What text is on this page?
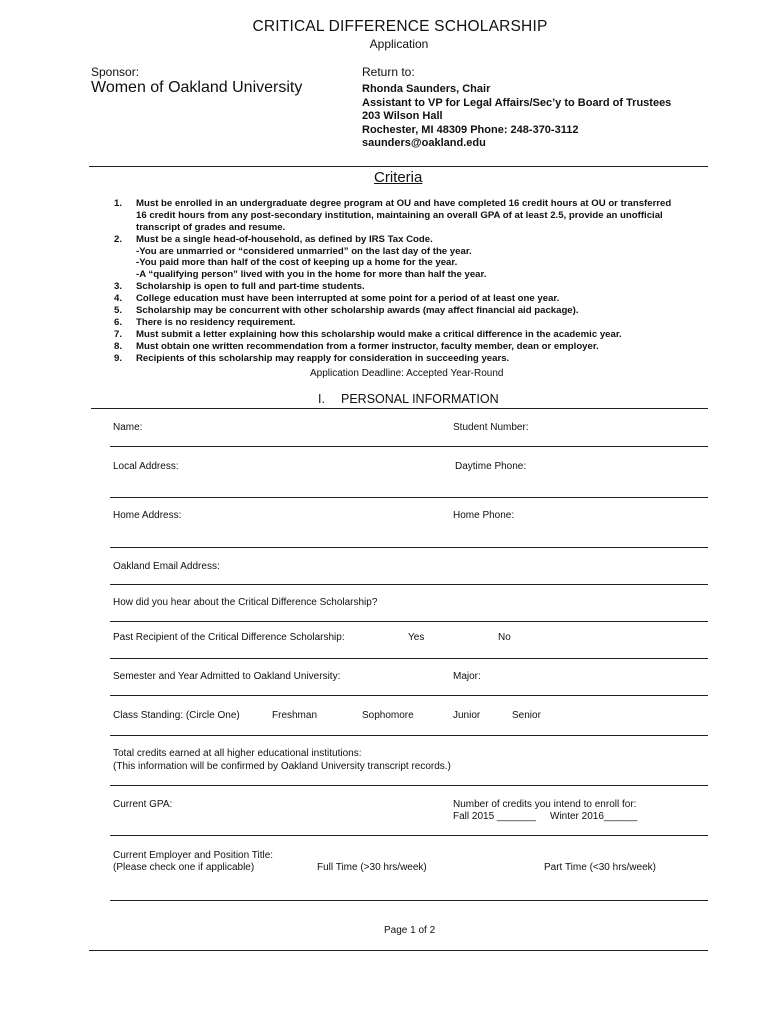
CRITICAL DIFFERENCE SCHOLARSHIP
Application
Sponsor:
Women of Oakland University
Return to:
Rhonda Saunders, Chair
Assistant to VP for Legal Affairs/Sec’y to Board of Trustees
203 Wilson Hall
Rochester, MI 48309 Phone: 248-370-3112
saunders@oakland.edu
Criteria
1.	Must be enrolled in an undergraduate degree program at OU and have completed 16 credit hours at OU or transferred
16 credit hours from any post-secondary institution, maintaining an overall GPA of at least 2.5, provide an unofficial
transcript of grades and resume.
2.	Must be a single head-of-household, as defined by IRS Tax Code.
-You are unmarried or “considered unmarried” on the last day of the year.
-You paid more than half of the cost of keeping up a home for the year.
-A “qualifying person” lived with you in the home for more than half the year.
3.	Scholarship is open to full and part-time students.
4.	College education must have been interrupted at some point for a period of at least one year.
5.	Scholarship may be concurrent with other scholarship awards (may affect financial aid package).
6.	There is no residency requirement.
7.	Must submit a letter explaining how this scholarship would make a critical difference in the academic year.
8.	Must obtain one written recommendation from a former instructor, faculty member, dean or employer.
9.	Recipients of this scholarship may reapply for consideration in succeeding years.
Application Deadline: Accepted Year-Round
I. PERSONAL INFORMATION
Name:	Student Number:
Local Address:	Daytime Phone:
Home Address:	Home Phone:
Oakland Email Address:
How did you hear about the Critical Difference Scholarship?
Past Recipient of the Critical Difference Scholarship:	Yes	No
Semester and Year Admitted to Oakland University:	Major:
Class Standing: (Circle One)	Freshman	Sophomore	Junior	Senior
Total credits earned at all higher educational institutions:
(This information will be confirmed by Oakland University transcript records.)
Current GPA:	Number of credits you intend to enroll for:
Fall 2015 _______ Winter 2016______
Current Employer and Position Title:
(Please check one if applicable)	Full Time (>30 hrs/week)	Part Time (<30 hrs/week)
Page 1 of 2
